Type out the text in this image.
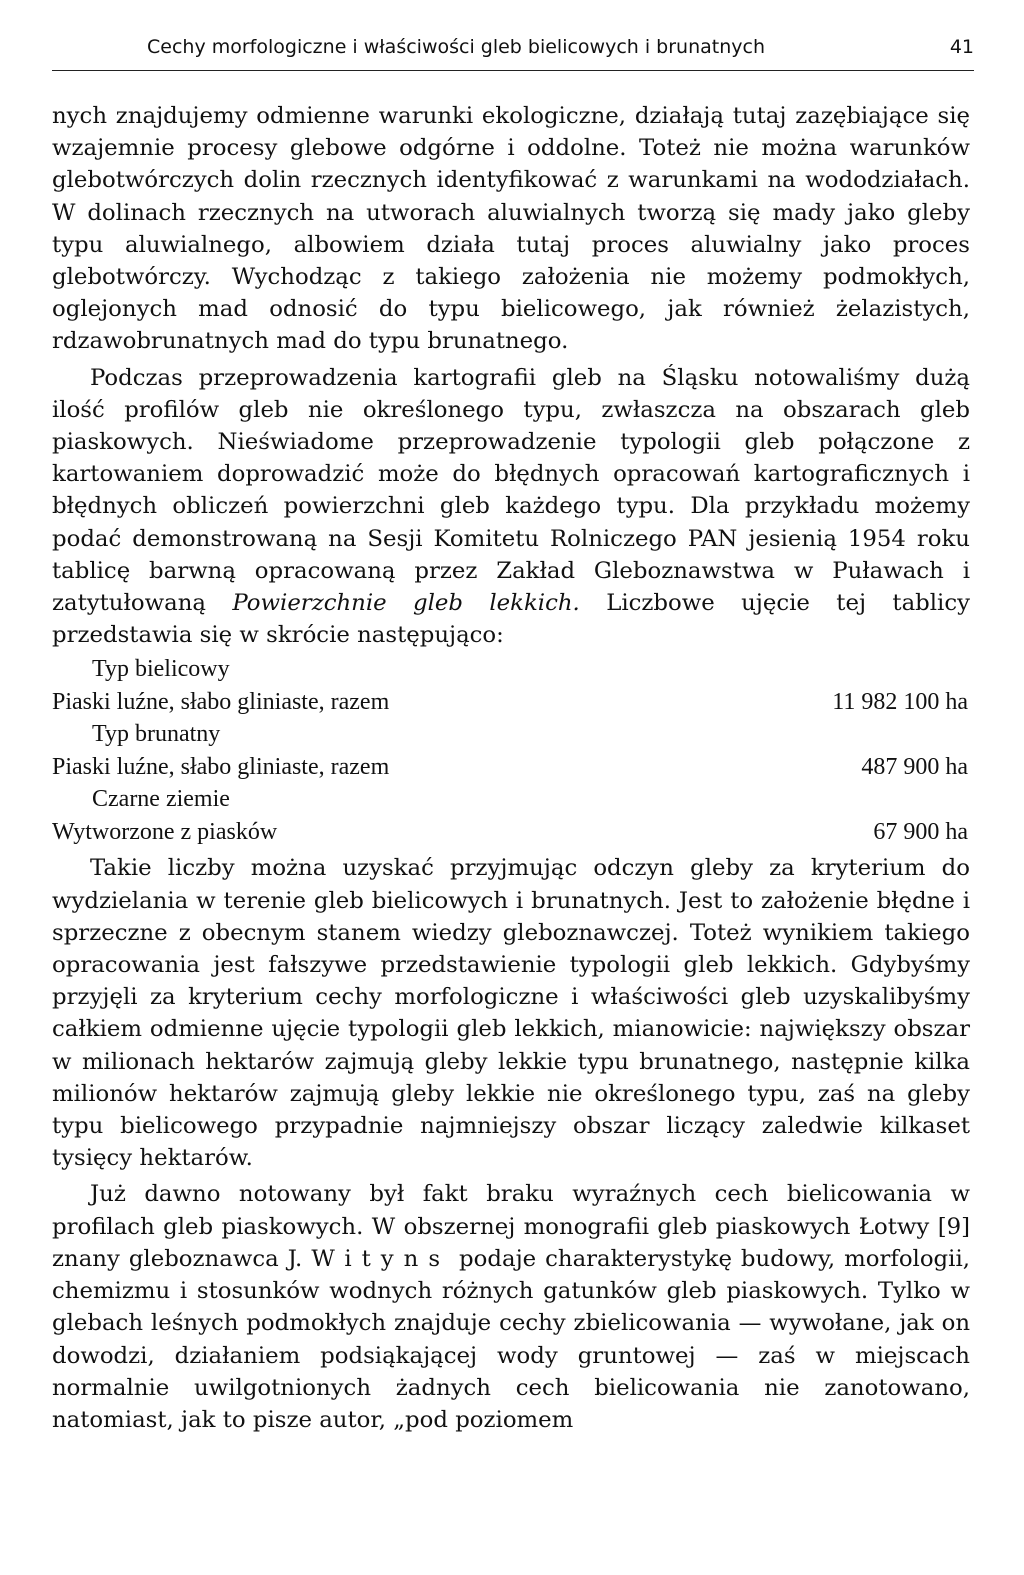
Cechy morfologiczne i właściwości gleb bielicowych i brunatnych	41

nych znajdujemy odmienne warunki ekologiczne, działają tutaj zazębiające się wzajemnie procesy glebowe odgórne i oddolne. Toteż nie można warunków glebotwórczych dolin rzecznych identyfikować z warunkami na wododziałach. W dolinach rzecznych na utworach aluwialnych tworzą się mady jako gleby typu aluwialnego, albowiem działa tutaj proces aluwialny jako proces glebotwórczy. Wychodząc z takiego założenia nie możemy podmokłych, oglejonych mad odnosić do typu bielicowego, jak również żelazistych, rdzawobrunatnych mad do typu brunatnego.

Podczas przeprowadzenia kartografii gleb na Śląsku notowaliśmy dużą ilość profilów gleb nie określonego typu, zwłaszcza na obszarach gleb piaskowych. Nieświadome przeprowadzenie typologii gleb połączone z kartowaniem doprowadzić może do błędnych opracowań kartograficznych i błędnych obliczeń powierzchni gleb każdego typu. Dla przykładu możemy podać demonstrowaną na Sesji Komitetu Rolniczego PAN jesienią 1954 roku tablicę barwną opracowaną przez Zakład Gleboznawstwa w Puławach i zatytułowaną Powierzchnie gleb lekkich. Liczbowe ujęcie tej tablicy przedstawia się w skrócie następująco:

Typ bielicowy
Piaski luźne, słabo gliniaste, razem	11 982 100 ha
Typ brunatny
Piaski luźne, słabo gliniaste, razem	487 900 ha
Czarne ziemie
Wytworzone z piasków	67 900 ha

Takie liczby można uzyskać przyjmując odczyn gleby za kryterium do wydzielania w terenie gleb bielicowych i brunatnych. Jest to założenie błędne i sprzeczne z obecnym stanem wiedzy gleboznawczej. Toteż wynikiem takiego opracowania jest fałszywe przedstawienie typologii gleb lekkich. Gdybyśmy przyjęli za kryterium cechy morfologiczne i właściwości gleb uzyskalibyśmy całkiem odmienne ujęcie typologii gleb lekkich, mianowicie: największy obszar w milionach hektarów zajmują gleby lekkie typu brunatnego, następnie kilka milionów hektarów zajmują gleby lekkie nie określonego typu, zaś na gleby typu bielicowego przypadnie najmniejszy obszar liczący zaledwie kilkaset tysięcy hektarów.

Już dawno notowany był fakt braku wyraźnych cech bielicowania w profilach gleb piaskowych. W obszernej monografii gleb piaskowych Łotwy [9] znany gleboznawca J. Wityns podaje charakterystykę budowy, morfologii, chemizmu i stosunków wodnych różnych gatunków gleb piaskowych. Tylko w glebach leśnych podmokłych znajduje cechy zbielicowania — wywołane, jak on dowodzi, działaniem podsiąkającej wody gruntowej — zaś w miejscach normalnie uwilgotnionych żadnych cech bielicowania nie zanotowano, natomiast, jak to pisze autor, „pod poziomem
